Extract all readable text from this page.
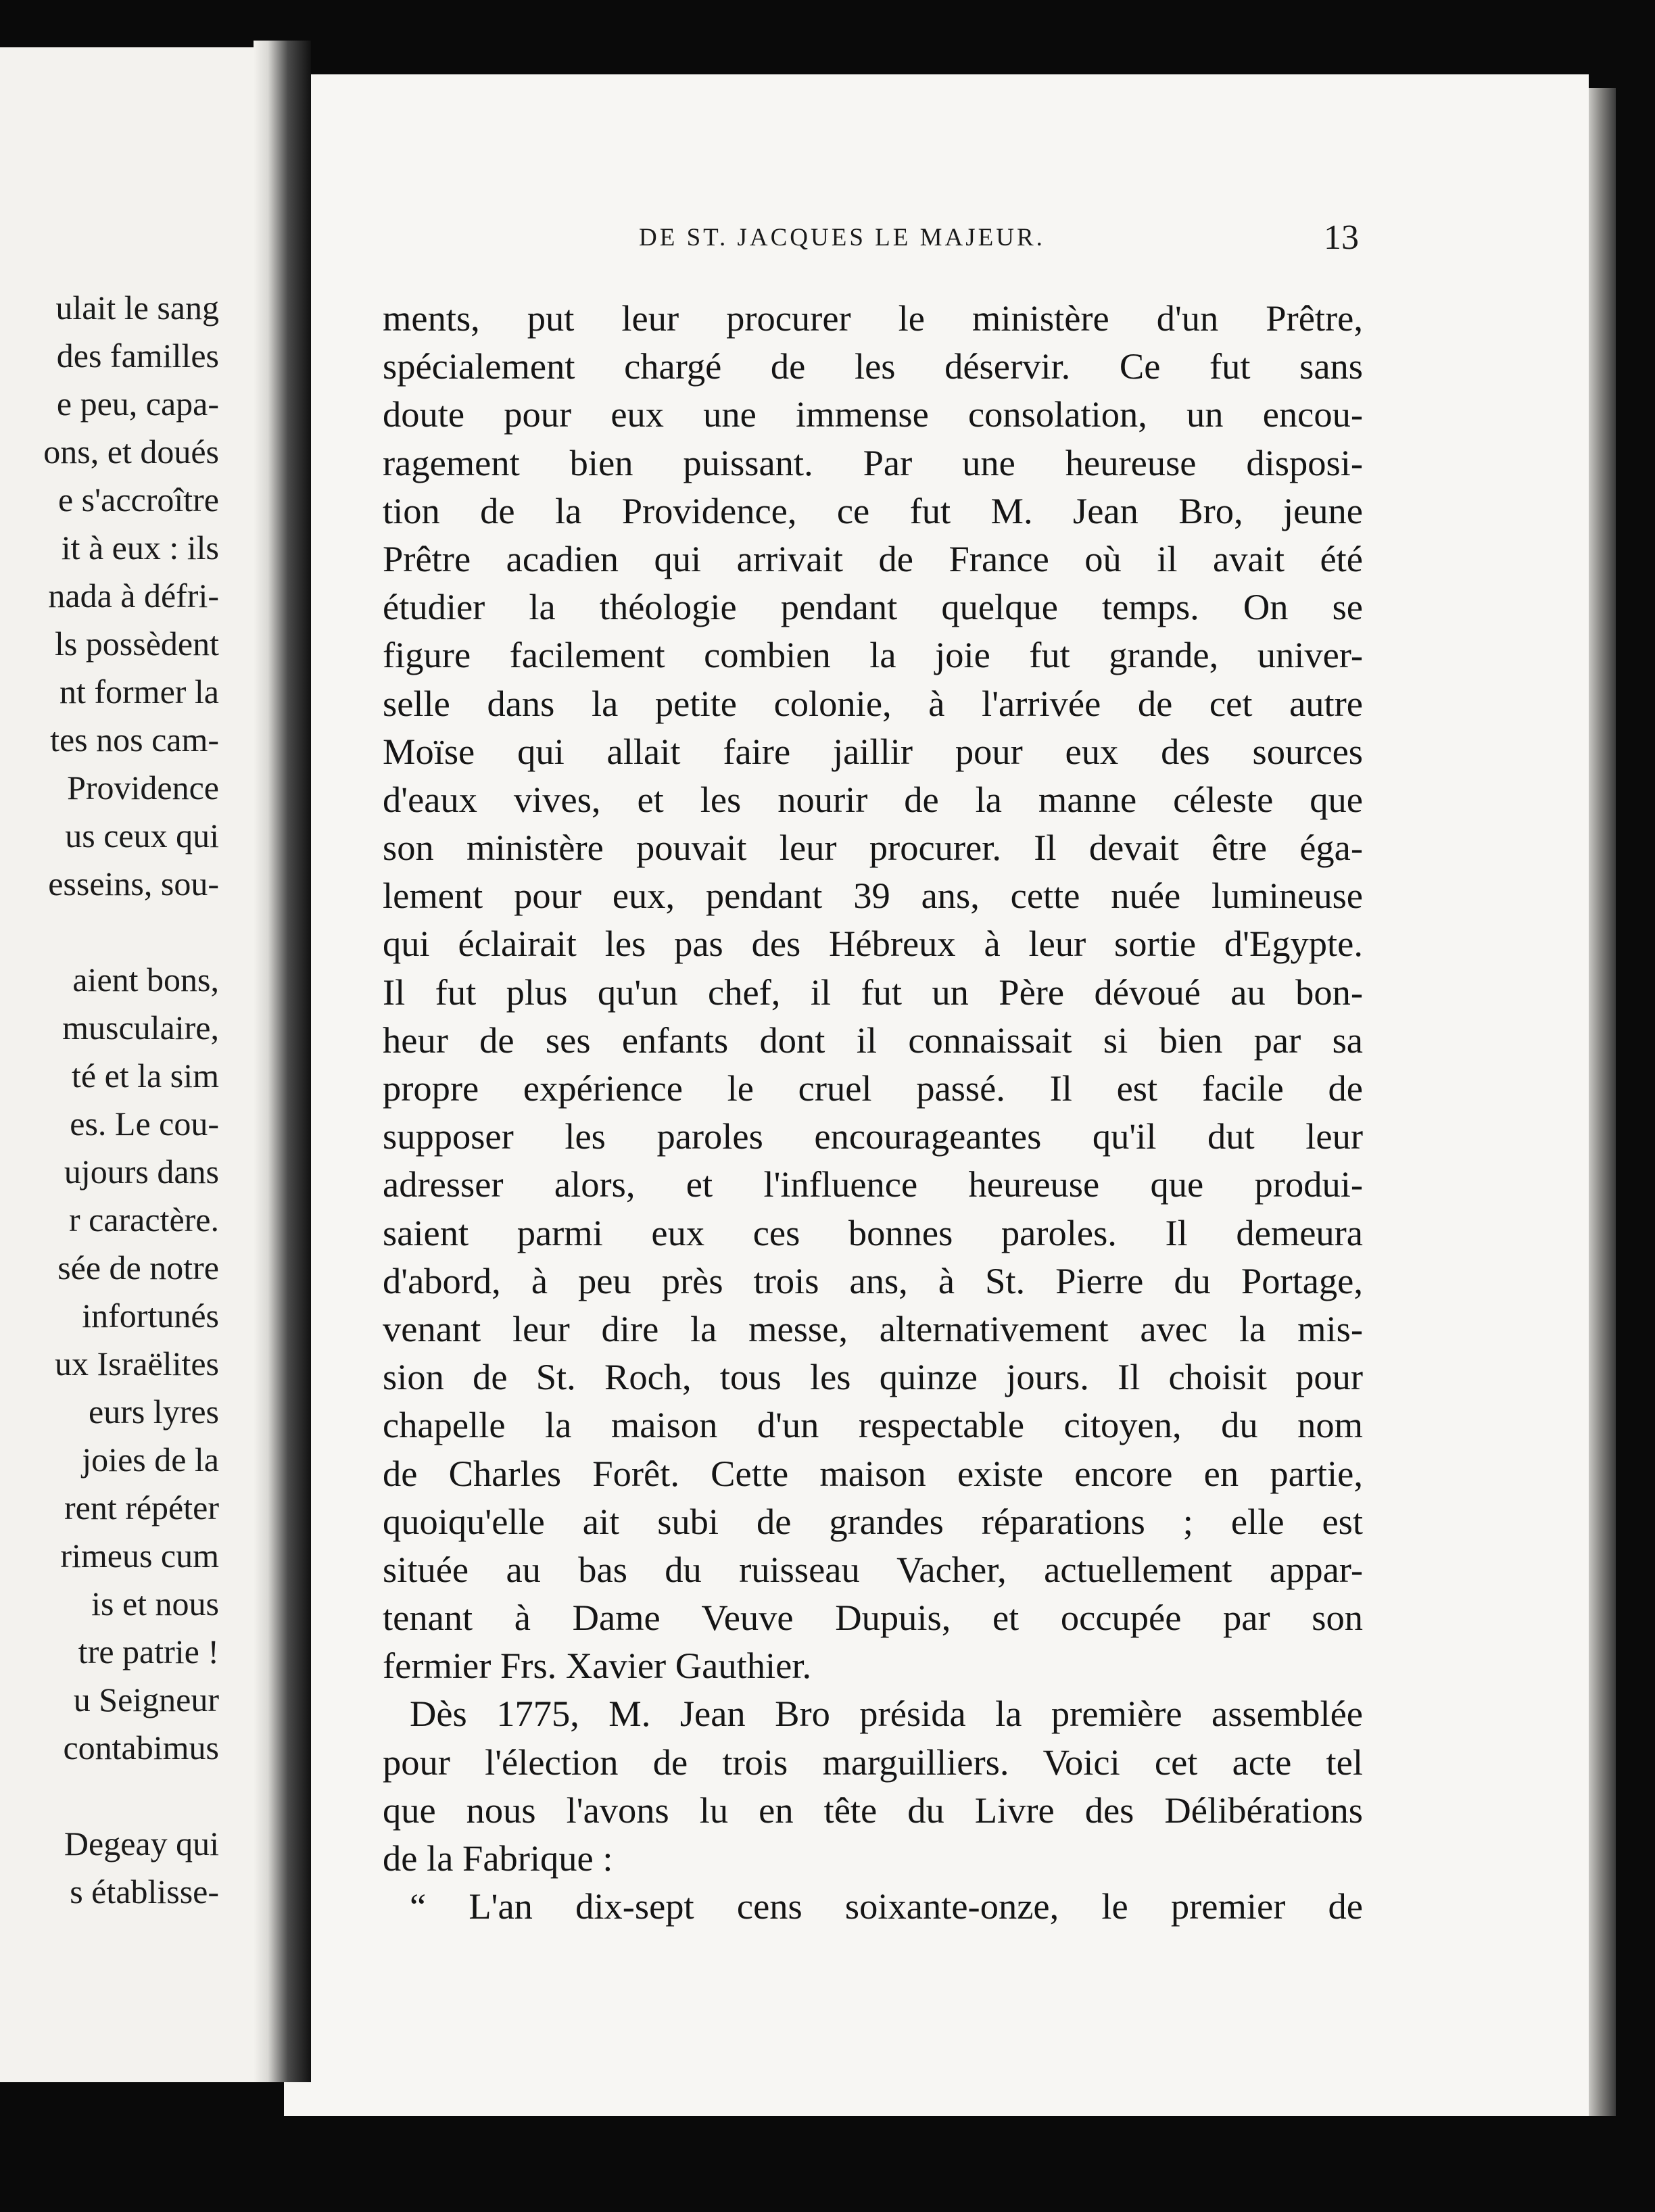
ulait le sang
des familles
e peu, capa-
ons, et doués
e s'accroître
it à eux : ils
nada à défri-
ls possèdent
nt former la
tes nos cam-
Providence
us ceux qui
esseins, sou-
aient bons,
musculaire,
té et la sim
es. Le cou-
ujours dans
r caractère.
sée de notre
infortunés
ux Israëlites
eurs lyres
joies de la
rent répéter
rimeus cum
is et nous
tre patrie !
u Seigneur
contabimus
Degeay qui
s établisse-
DE ST. JACQUES LE MAJEUR.	13
ments, put leur procurer le ministère d'un Prêtre,
spécialement chargé de les déservir. Ce fut sans
doute pour eux une immense consolation, un encou-
ragement bien puissant. Par une heureuse disposi-
tion de la Providence, ce fut M. Jean Bro, jeune
Prêtre acadien qui arrivait de France où il avait été
étudier la théologie pendant quelque temps. On se
figure facilement combien la joie fut grande, univer-
selle dans la petite colonie, à l'arrivée de cet autre
Moïse qui allait faire jaillir pour eux des sources
d'eaux vives, et les nourir de la manne céleste que
son ministère pouvait leur procurer. Il devait être éga-
lement pour eux, pendant 39 ans, cette nuée lumineuse
qui éclairait les pas des Hébreux à leur sortie d'Egypte.
Il fut plus qu'un chef, il fut un Père dévoué au bon-
heur de ses enfants dont il connaissait si bien par sa
propre expérience le cruel passé. Il est facile de
supposer les paroles encourageantes qu'il dut leur
adresser alors, et l'influence heureuse que produi-
saient parmi eux ces bonnes paroles. Il demeura
d'abord, à peu près trois ans, à St. Pierre du Portage,
venant leur dire la messe, alternativement avec la mis-
sion de St. Roch, tous les quinze jours. Il choisit pour
chapelle la maison d'un respectable citoyen, du nom
de Charles Forêt. Cette maison existe encore en partie,
quoiqu'elle ait subi de grandes réparations ; elle est
située au bas du ruisseau Vacher, actuellement appar-
tenant à Dame Veuve Dupuis, et occupée par son
fermier Frs. Xavier Gauthier.
Dès 1775, M. Jean Bro présida la première assemblée
pour l'élection de trois marguilliers. Voici cet acte tel
que nous l'avons lu en tête du Livre des Délibérations
de la Fabrique :
“ L'an dix-sept cens soixante-onze, le premier de
